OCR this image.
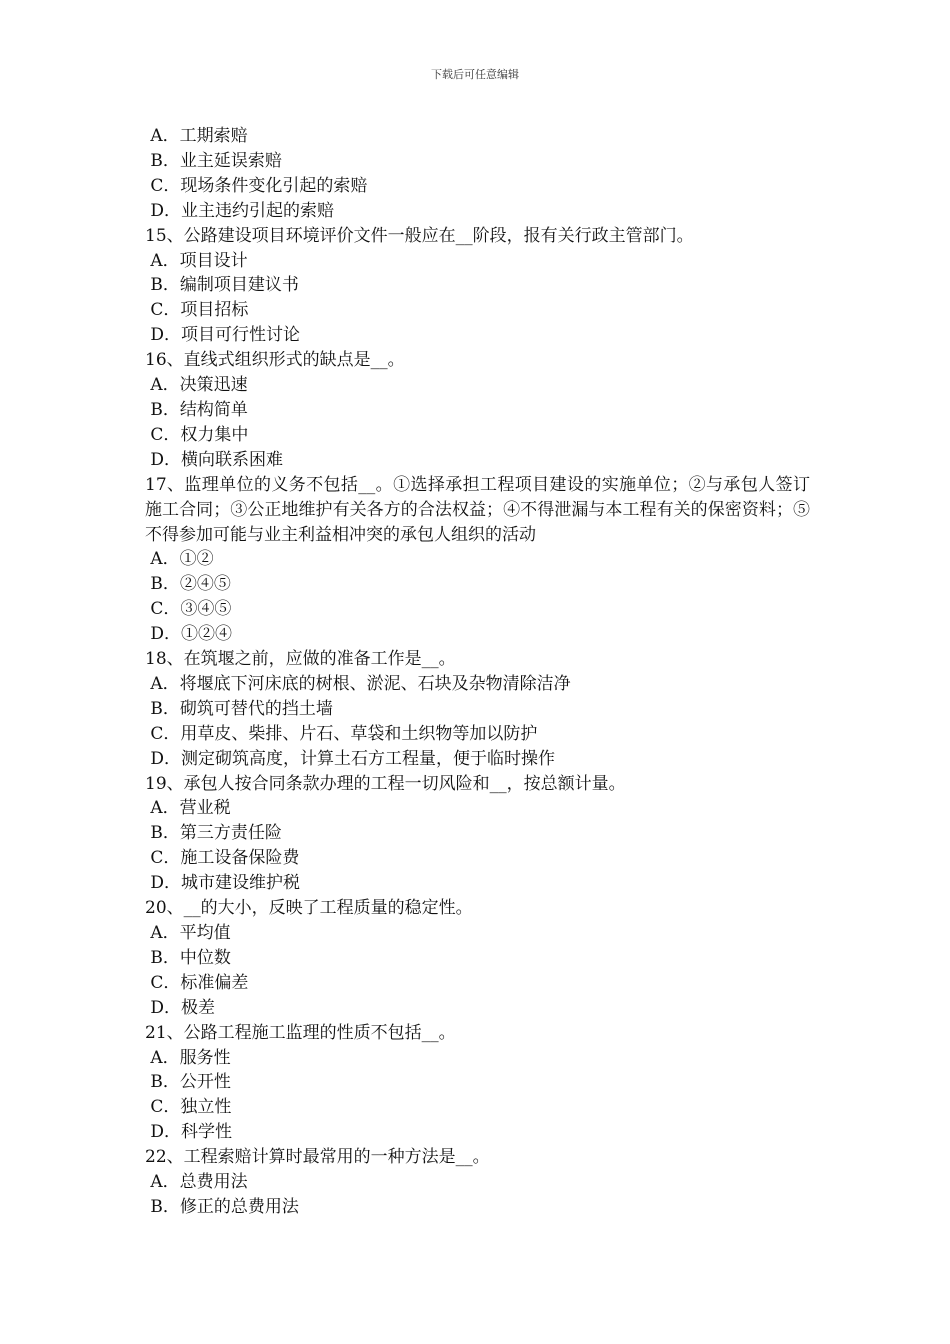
下载后可任意编辑

A．工期索赔

B．业主延误索赔

C．现场条件变化引起的索赔

D．业主违约引起的索赔

15、公路建设项目环境评价文件一般应在__阶段，报有关行政主管部门。

A．项目设计

B．编制项目建议书

C．项目招标

D．项目可行性讨论

16、直线式组织形式的缺点是__。

A．决策迅速

B．结构简单

C．权力集中

D．横向联系困难

17、监理单位的义务不包括__。①选择承担工程项目建设的实施单位；②与承包人签订施工合同；③公正地维护有关各方的合法权益；④不得泄漏与本工程有关的保密资料；⑤不得参加可能与业主利益相冲突的承包人组织的活动

A．①②

B．②④⑤

C．③④⑤

D．①②④

18、在筑堰之前，应做的准备工作是__。

A．将堰底下河床底的树根、淤泥、石块及杂物清除洁净

B．砌筑可替代的挡土墙

C．用草皮、柴排、片石、草袋和土织物等加以防护

D．测定砌筑高度，计算土石方工程量，便于临时操作

19、承包人按合同条款办理的工程一切风险和__，按总额计量。

A．营业税

B．第三方责任险

C．施工设备保险费

D．城市建设维护税

20、__的大小，反映了工程质量的稳定性。

A．平均值

B．中位数

C．标准偏差

D．极差

21、公路工程施工监理的性质不包括__。

A．服务性

B．公开性

C．独立性

D．科学性

22、工程索赔计算时最常用的一种方法是__。

A．总费用法

B．修正的总费用法
